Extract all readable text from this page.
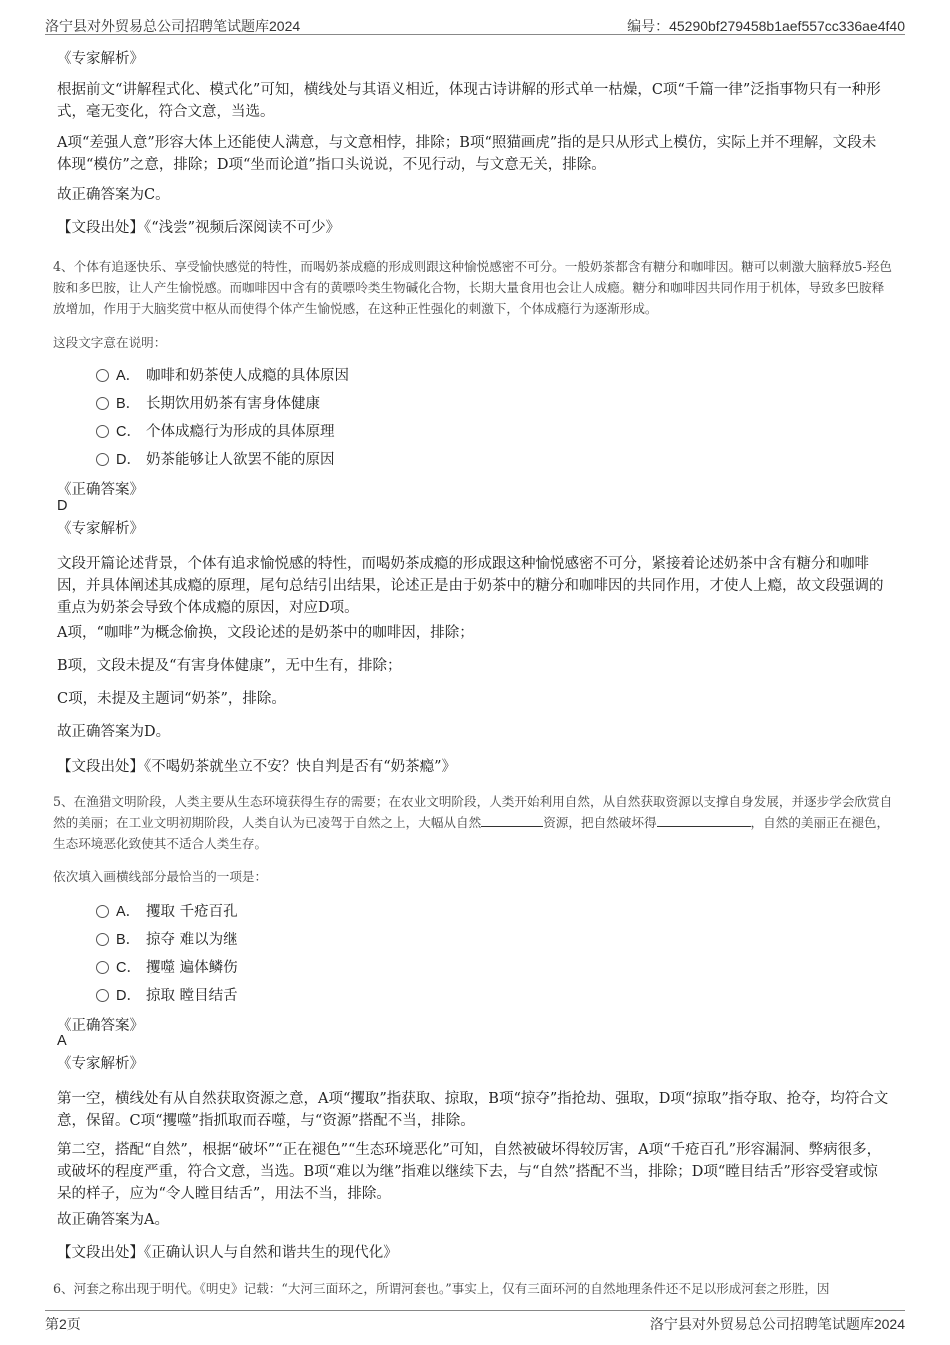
洛宁县对外贸易总公司招聘笔试题库2024	编号：45290bf279458b1aef557cc336ae4f40

《专家解析》

根据前文“讲解程式化、模式化”可知，横线处与其语义相近，体现古诗讲解的形式单一枯燥，C项“千篇一律”泛指事物只有一种形式，毫无变化，符合文意，当选。

A项“差强人意”形容大体上还能使人满意，与文意相悖，排除；B项“照猫画虎”指的是只从形式上模仿，实际上并不理解，文段未体现“模仿”之意，排除；D项“坐而论道”指口头说说，不见行动，与文意无关，排除。

故正确答案为C。

【文段出处】《“浅尝”视频后深阅读不可少》

4、个体有追逐快乐、享受愉快感觉的特性，而喝奶茶成瘾的形成则跟这种愉悦感密不可分。一般奶茶都含有糖分和咖啡因。糖可以刺激大脑释放5-羟色胺和多巴胺，让人产生愉悦感。而咖啡因中含有的黄嘌呤类生物碱化合物，长期大量食用也会让人成瘾。糖分和咖啡因共同作用于机体，导致多巴胺释放增加，作用于大脑奖赏中枢从而使得个体产生愉悦感，在这种正性强化的刺激下，个体成瘾行为逐渐形成。

这段文字意在说明：

A． 咖啡和奶茶使人成瘾的具体原因
B． 长期饮用奶茶有害身体健康
C． 个体成瘾行为形成的具体原理
D． 奶茶能够让人欲罢不能的原因

《正确答案》

D

《专家解析》

文段开篇论述背景，个体有追求愉悦感的特性，而喝奶茶成瘾的形成跟这种愉悦感密不可分，紧接着论述奶茶中含有糖分和咖啡因，并具体阐述其成瘾的原理，尾句总结引出结果，论述正是由于奶茶中的糖分和咖啡因的共同作用，才使人上瘾，故文段强调的重点为奶茶会导致个体成瘾的原因，对应D项。

A项，“咖啡”为概念偷换，文段论述的是奶茶中的咖啡因，排除；

B项，文段未提及“有害身体健康”，无中生有，排除；

C项，未提及主题词“奶茶”，排除。

故正确答案为D。

【文段出处】《不喝奶茶就坐立不安？快自判是否有“奶茶瘾”》

5、在渔猎文明阶段，人类主要从生态环境获得生存的需要；在农业文明阶段，人类开始利用自然，从自然获取资源以支撑自身发展，并逐步学会欣赏自然的美丽；在工业文明初期阶段，人类自认为已凌驾于自然之上，大幅从自然	资源，把自然破坏得	，自然的美丽正在褪色，生态环境恶化致使其不适合人类生存。

依次填入画横线部分最恰当的一项是：

A． 攫取 千疮百孔
B． 掠夺 难以为继
C． 攫噬 遍体鳞伤
D． 掠取 瞠目结舌

《正确答案》

A

《专家解析》

第一空，横线处有从自然获取资源之意，A项“攫取”指获取、掠取，B项“掠夺”指抢劫、强取，D项“掠取”指夺取、抢夺，均符合文意，保留。C项“攫噬”指抓取而吞噬，与“资源”搭配不当，排除。

第二空，搭配“自然”，根据“破坏”“正在褪色”“生态环境恶化”可知，自然被破坏得较厉害，A项“千疮百孔”形容漏洞、弊病很多，或破坏的程度严重，符合文意，当选。B项“难以为继”指难以继续下去，与“自然”搭配不当，排除；D项“瞠目结舌”形容受窘或惊呆的样子，应为“令人瞠目结舌”，用法不当，排除。

故正确答案为A。

【文段出处】《正确认识人与自然和谐共生的现代化》

6、河套之称出现于明代。《明史》记载：“大河三面环之，所谓河套也。”事实上，仅有三面环河的自然地理条件还不足以形成河套之形胜，因

第2页	洛宁县对外贸易总公司招聘笔试题库2024
